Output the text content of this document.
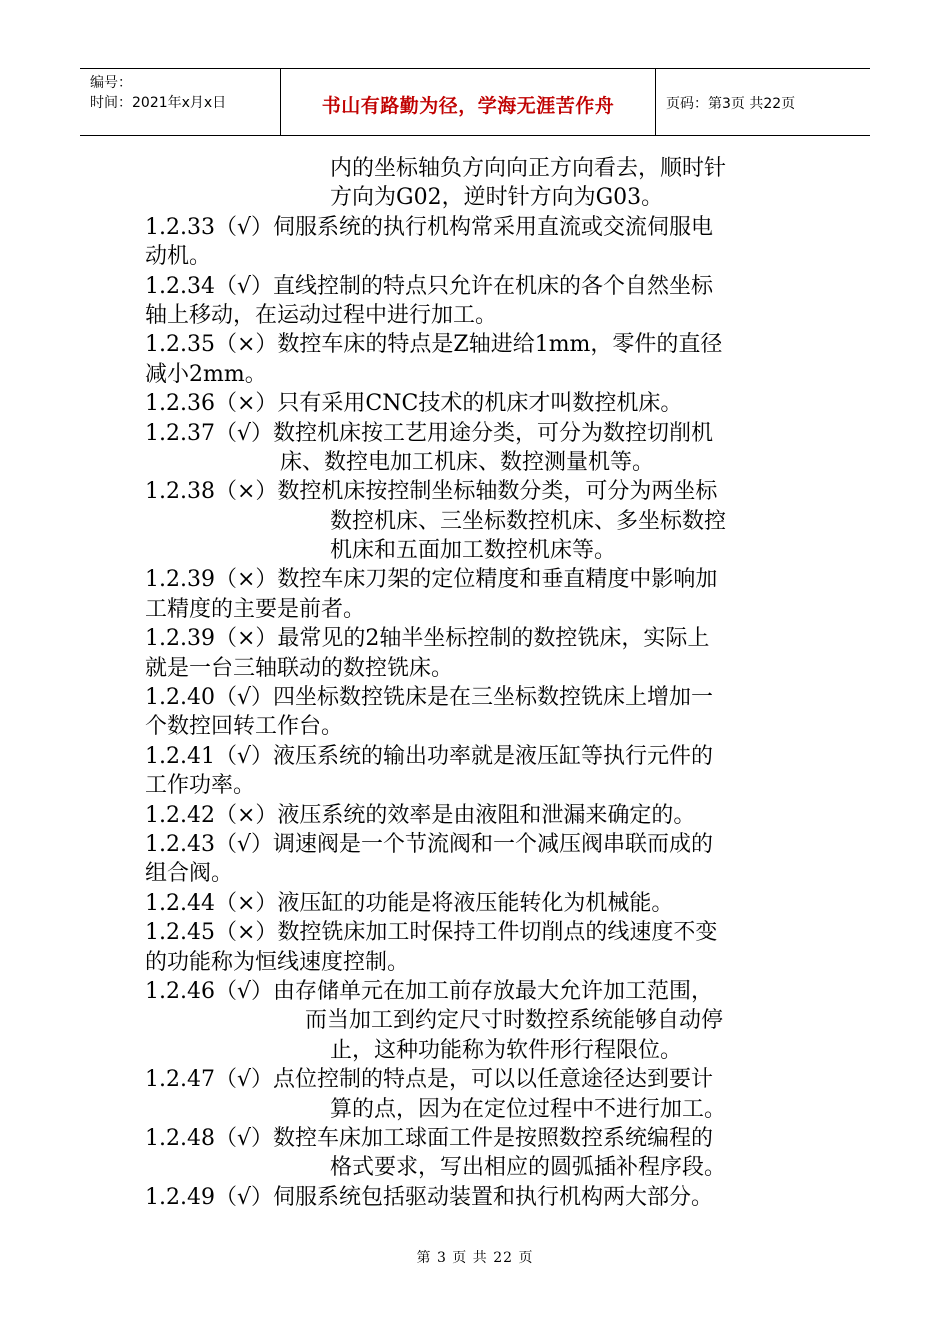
编号：
时间：2021年x月x日	书山有路勤为径，学海无涯苦作舟	页码：第3页 共22页
内的坐标轴负方向向正方向看去，顺时针
方向为G02，逆时针方向为G03。
1.2.33（√）伺服系统的执行机构常采用直流或交流伺服电
动机。
1.2.34（√）直线控制的特点只允许在机床的各个自然坐标
轴上移动，在运动过程中进行加工。
1.2.35（×）数控车床的特点是Z轴进给1mm，零件的直径
减小2mm。
1.2.36（×）只有采用CNC技术的机床才叫数控机床。
1.2.37（√）数控机床按工艺用途分类，可分为数控切削机
床、数控电加工机床、数控测量机等。
1.2.38（×）数控机床按控制坐标轴数分类，可分为两坐标
数控机床、三坐标数控机床、多坐标数控
机床和五面加工数控机床等。
1.2.39（×）数控车床刀架的定位精度和垂直精度中影响加
工精度的主要是前者。
1.2.39（×）最常见的2轴半坐标控制的数控铣床，实际上
就是一台三轴联动的数控铣床。
1.2.40（√）四坐标数控铣床是在三坐标数控铣床上增加一
个数控回转工作台。
1.2.41（√）液压系统的输出功率就是液压缸等执行元件的
工作功率。
1.2.42（×）液压系统的效率是由液阻和泄漏来确定的。
1.2.43（√）调速阀是一个节流阀和一个减压阀串联而成的
组合阀。
1.2.44（×）液压缸的功能是将液压能转化为机械能。
1.2.45（×）数控铣床加工时保持工件切削点的线速度不变
的功能称为恒线速度控制。
1.2.46（√）由存储单元在加工前存放最大允许加工范围，
而当加工到约定尺寸时数控系统能够自动停
止，这种功能称为软件形行程限位。
1.2.47（√）点位控制的特点是，可以以任意途径达到要计
算的点，因为在定位过程中不进行加工。
1.2.48（√）数控车床加工球面工件是按照数控系统编程的
格式要求，写出相应的圆弧插补程序段。
1.2.49（√）伺服系统包括驱动装置和执行机构两大部分。
第 3 页 共 22 页
